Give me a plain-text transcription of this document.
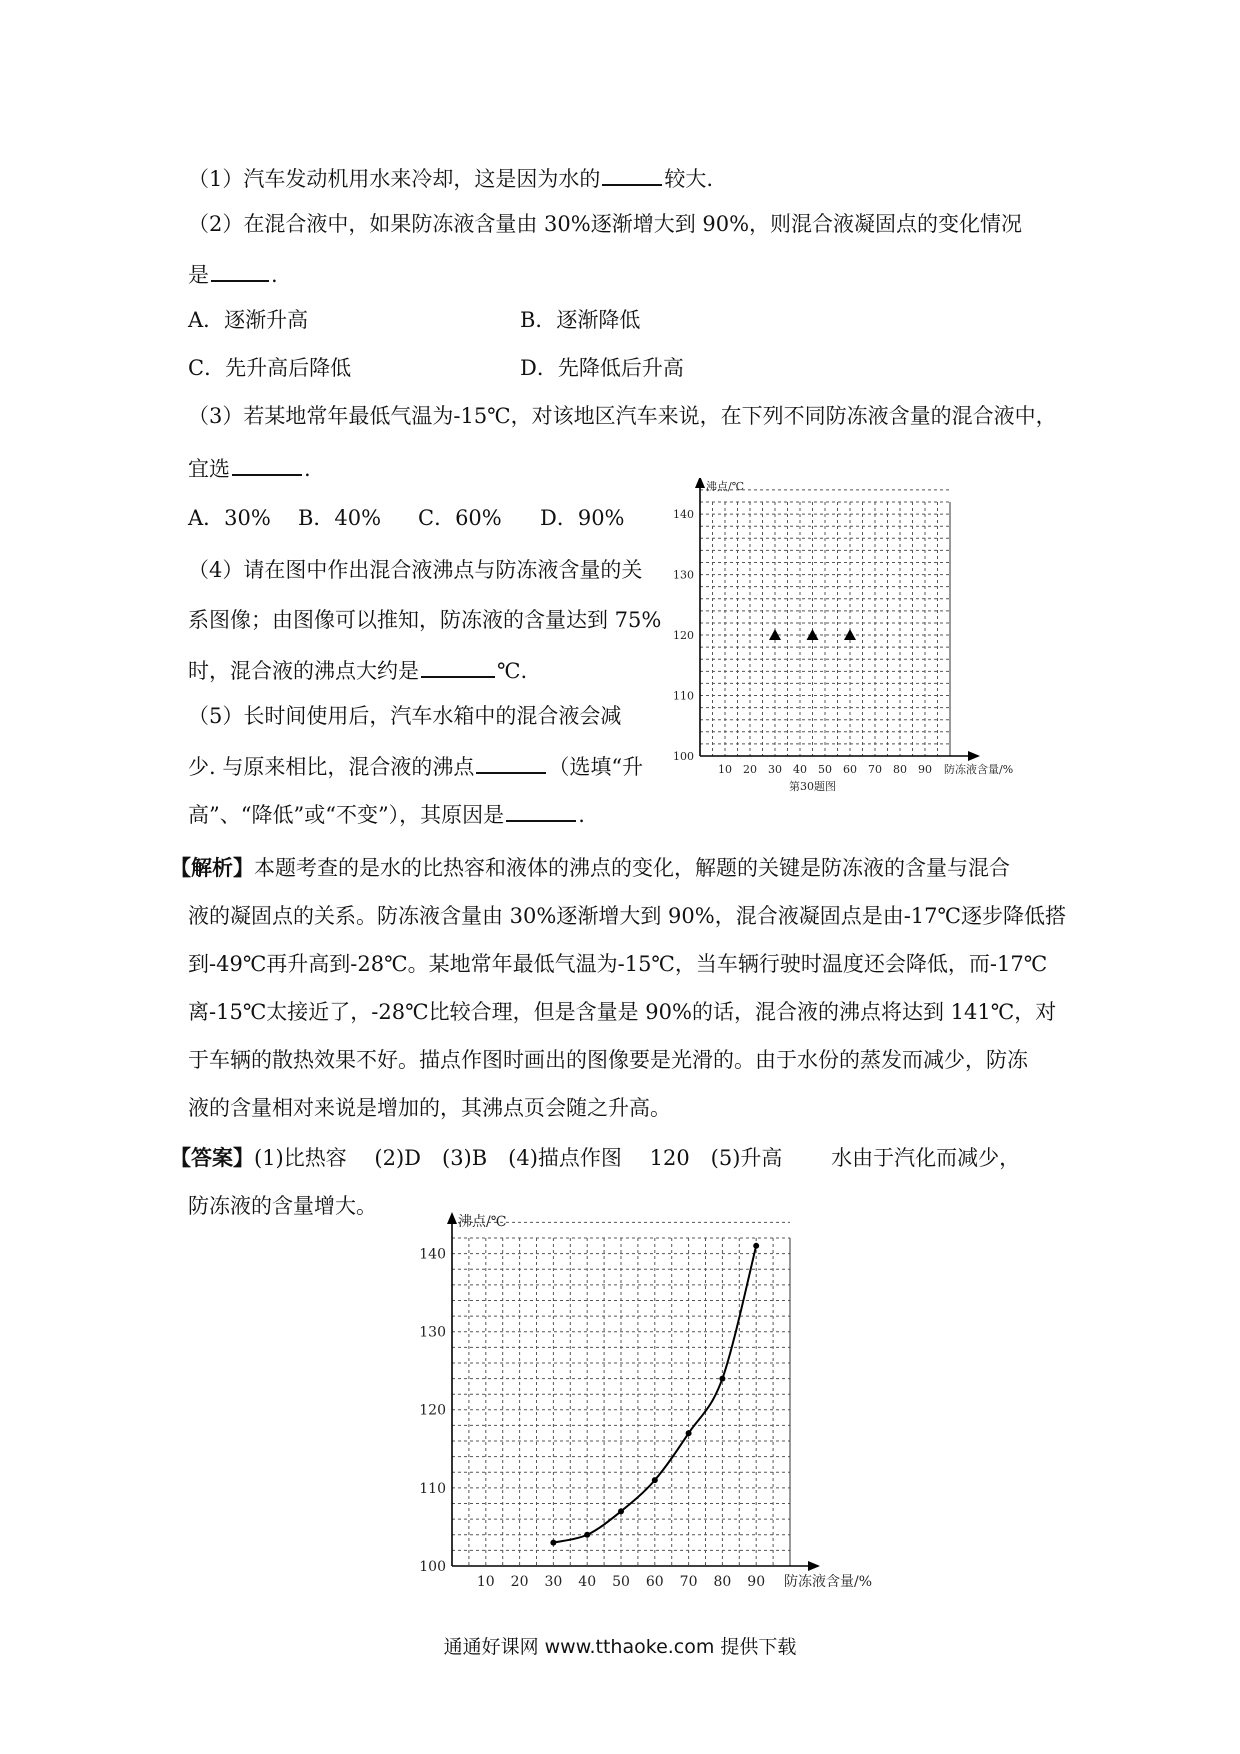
（1）汽车发动机用水来冷却，这是因为水的	较大.
（2）在混合液中，如果防冻液含量由 30%逐渐增大到 90%，则混合液凝固点的变化情况
是	.
A．逐渐升高	B．逐渐降低
C．先升高后降低	D．先降低后升高
（3）若某地常年最低气温为-15℃，对该地区汽车来说，在下列不同防冻液含量的混合液中，
宜选	.
A．30% B．40% C．60% D．90%
（4）请在图中作出混合液沸点与防冻液含量的关
系图像；由图像可以推知，防冻液的含量达到 75%
时，混合液的沸点大约是	℃.
（5）长时间使用后，汽车水箱中的混合液会减
少. 与原来相比，混合液的沸点	（选填“升
高”、“降低”或“不变”），其原因是	.
100
110
120
130
140
10 20 30 40 50 60 70 80 90 防冻液含量/%
沸点/℃
第30题图
【解析】本题考查的是水的比热容和液体的沸点的变化，解题的关键是防冻液的含量与混合
液的凝固点的关系。防冻液含量由 30%逐渐增大到 90%，混合液凝固点是由-17℃逐步降低搭
到-49℃再升高到-28℃。某地常年最低气温为-15℃，当车辆行驶时温度还会降低，而-17℃
离-15℃太接近了，-28℃比较合理，但是含量是 90%的话，混合液的沸点将达到 141℃，对
于车辆的散热效果不好。描点作图时画出的图像要是光滑的。由于水份的蒸发而减少，防冻
液的含量相对来说是增加的，其沸点页会随之升高。
【答案】(1)比热容　 (2)D　(3)B　(4)描点作图　 120　(5)升高　　 水由于汽化而减少，
防冻液的含量增大。
100
110
120
130
140
10 20 30 40 50 60 70 80 90 防冻液含量/%
沸点/℃
通通好课网 www.tthaoke.com 提供下载
